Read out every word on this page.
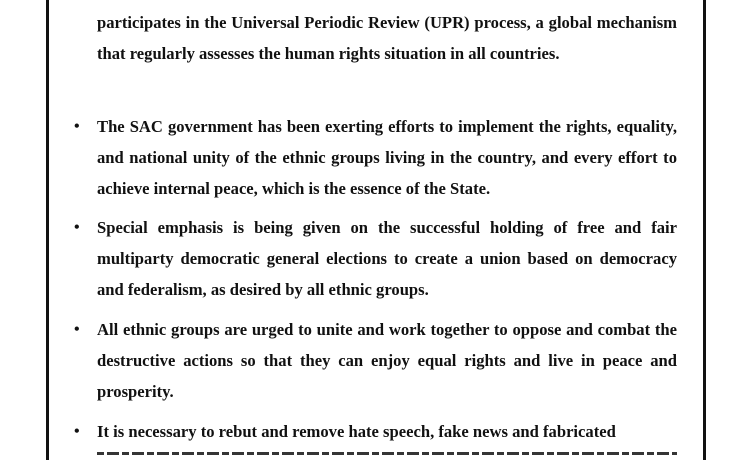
participates in the Universal Periodic Review (UPR) process, a global mechanism that regularly assesses the human rights situation in all countries.
•	The SAC government has been exerting efforts to implement the rights, equality, and national unity of the ethnic groups living in the country, and every effort to achieve internal peace, which is the essence of the State.
•	Special emphasis is being given on the successful holding of free and fair multiparty democratic general elections to create a union based on democracy and federalism, as desired by all ethnic groups.
•	All ethnic groups are urged to unite and work together to oppose and combat the destructive actions so that they can enjoy equal rights and live in peace and prosperity.
•	It is necessary to rebut and remove hate speech, fake news and fabricated
